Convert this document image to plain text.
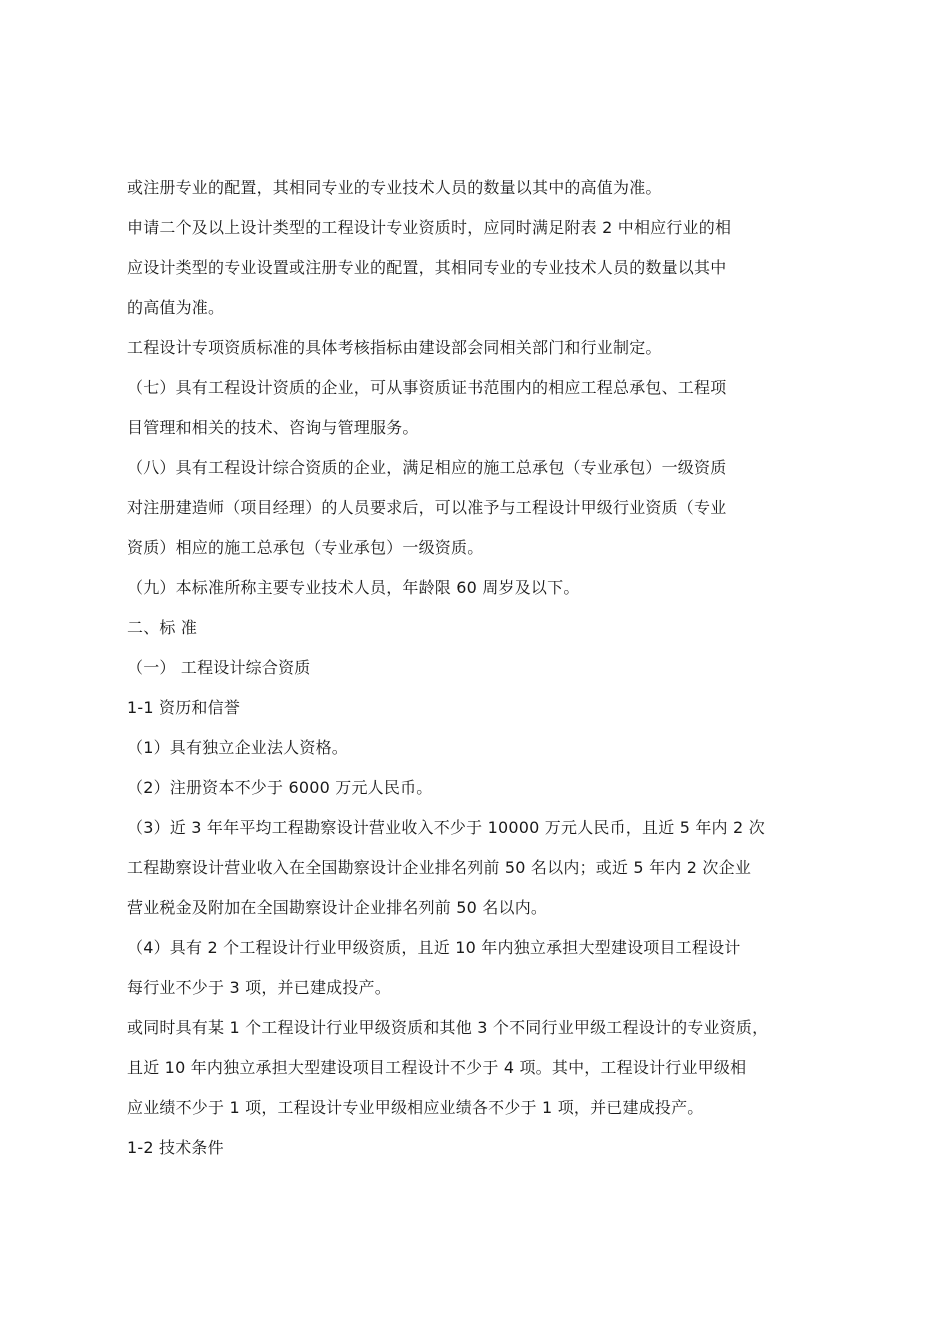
或注册专业的配置，其相同专业的专业技术人员的数量以其中的高值为准。

申请二个及以上设计类型的工程设计专业资质时，应同时满足附表 2 中相应行业的相

应设计类型的专业设置或注册专业的配置，其相同专业的专业技术人员的数量以其中

的高值为准。

工程设计专项资质标准的具体考核指标由建设部会同相关部门和行业制定。

（七）具有工程设计资质的企业，可从事资质证书范围内的相应工程总承包、工程项

目管理和相关的技术、咨询与管理服务。

（八）具有工程设计综合资质的企业，满足相应的施工总承包（专业承包）一级资质

对注册建造师（项目经理）的人员要求后，可以准予与工程设计甲级行业资质（专业

资质）相应的施工总承包（专业承包）一级资质。

（九）本标准所称主要专业技术人员，年龄限 60 周岁及以下。

二、标 准

（一） 工程设计综合资质

1-1 资历和信誉

（1）具有独立企业法人资格。

（2）注册资本不少于 6000 万元人民币。

（3）近 3 年年平均工程勘察设计营业收入不少于 10000 万元人民币，且近 5 年内 2 次

工程勘察设计营业收入在全国勘察设计企业排名列前 50 名以内；或近 5 年内 2 次企业

营业税金及附加在全国勘察设计企业排名列前 50 名以内。

（4）具有 2 个工程设计行业甲级资质，且近 10 年内独立承担大型建设项目工程设计

每行业不少于 3 项，并已建成投产。

或同时具有某 1 个工程设计行业甲级资质和其他 3 个不同行业甲级工程设计的专业资质，

且近 10 年内独立承担大型建设项目工程设计不少于 4 项。其中，工程设计行业甲级相

应业绩不少于 1 项，工程设计专业甲级相应业绩各不少于 1 项，并已建成投产。

1-2 技术条件
